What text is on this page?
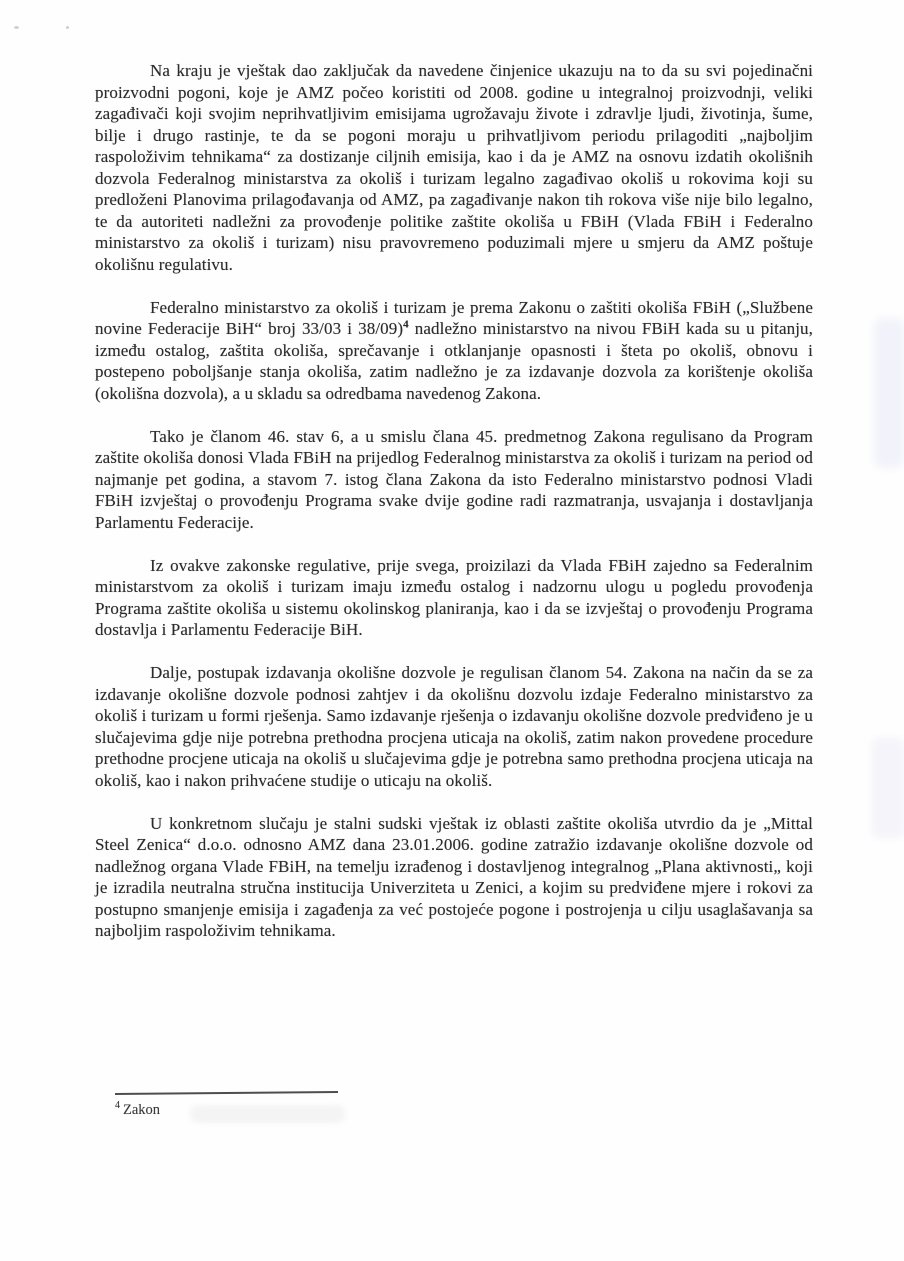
Na kraju je vještak dao zaključak da navedene činjenice ukazuju na to da su svi pojedinačni proizvodni pogoni, koje je AMZ počeo koristiti od 2008. godine u integralnoj proizvodnji, veliki zagađivači koji svojim neprihvatljivim emisijama ugrožavaju živote i zdravlje ljudi, životinja, šume, bilje i drugo rastinje, te da se pogoni moraju u prihvatljivom periodu prilagoditi „najboljim raspoloživim tehnikama“ za dostizanje ciljnih emisija, kao i da je AMZ na osnovu izdatih okolišnih dozvola Federalnog ministarstva za okoliš i turizam legalno zagađivao okoliš u rokovima koji su predloženi Planovima prilagođavanja od AMZ, pa zagađivanje nakon tih rokova više nije bilo legalno, te da autoriteti nadležni za provođenje politike zaštite okoliša u FBiH (Vlada FBiH i Federalno ministarstvo za okoliš i turizam) nisu pravovremeno poduzimali mjere u smjeru da AMZ poštuje okolišnu regulativu.

Federalno ministarstvo za okoliš i turizam je prema Zakonu o zaštiti okoliša FBiH („Službene novine Federacije BiH“ broj 33/03 i 38/09)$^4$ nadležno ministarstvo na nivou FBiH kada su u pitanju, između ostalog, zaštita okoliša, sprečavanje i otklanjanje opasnosti i šteta po okoliš, obnovu i postepeno poboljšanje stanja okoliša, zatim nadležno je za izdavanje dozvola za korištenje okoliša (okolišna dozvola), a u skladu sa odredbama navedenog Zakona.

Tako je članom 46. stav 6, a u smislu člana 45. predmetnog Zakona regulisano da Program zaštite okoliša donosi Vlada FBiH na prijedlog Federalnog ministarstva za okoliš i turizam na period od najmanje pet godina, a stavom 7. istog člana Zakona da isto Federalno ministarstvo podnosi Vladi FBiH izvještaj o provođenju Programa svake dvije godine radi razmatranja, usvajanja i dostavljanja Parlamentu Federacije.

Iz ovakve zakonske regulative, prije svega, proizilazi da Vlada FBiH zajedno sa Federalnim ministarstvom za okoliš i turizam imaju između ostalog i nadzornu ulogu u pogledu provođenja Programa zaštite okoliša u sistemu okolinskog planiranja, kao i da se izvještaj o provođenju Programa dostavlja i Parlamentu Federacije BiH.

Dalje, postupak izdavanja okolišne dozvole je regulisan članom 54. Zakona na način da se za izdavanje okolišne dozvole podnosi zahtjev i da okolišnu dozvolu izdaje Federalno ministarstvo za okoliš i turizam u formi rješenja. Samo izdavanje rješenja o izdavanju okolišne dozvole predviđeno je u slučajevima gdje nije potrebna prethodna procjena uticaja na okoliš, zatim nakon provedene procedure prethodne procjene uticaja na okoliš u slučajevima gdje je potrebna samo prethodna procjena uticaja na okoliš, kao i nakon prihvaćene studije o uticaju na okoliš.

U konkretnom slučaju je stalni sudski vještak iz oblasti zaštite okoliša utvrdio da je „Mittal Steel Zenica“ d.o.o. odnosno AMZ dana 23.01.2006. godine zatražio izdavanje okolišne dozvole od nadležnog organa Vlade FBiH, na temelju izrađenog i dostavljenog integralnog „Plana aktivnosti„ koji je izradila neutralna stručna institucija Univerziteta u Zenici, a kojim su predviđene mjere i rokovi za postupno smanjenje emisija i zagađenja za već postojeće pogone i postrojenja u cilju usaglašavanja sa najboljim raspoloživim tehnikama.

$^4$ Zakon
